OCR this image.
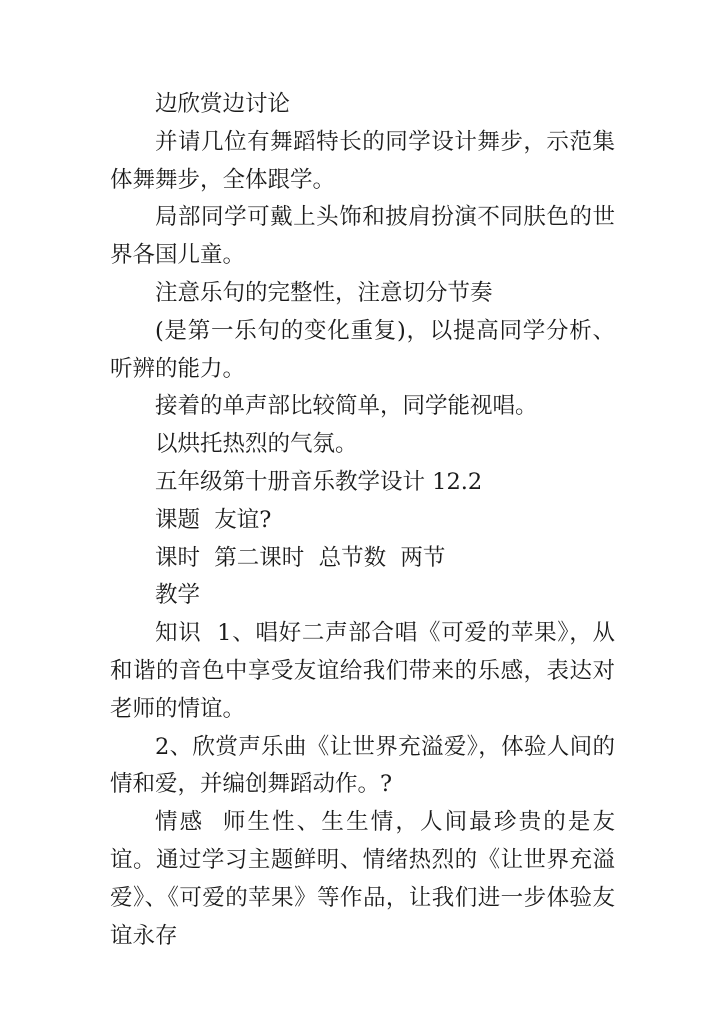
边欣赏边讨论

并请几位有舞蹈特长的同学设计舞步，示范集体舞舞步，全体跟学。

局部同学可戴上头饰和披肩扮演不同肤色的世界各国儿童。

注意乐句的完整性，注意切分节奏

(是第一乐句的变化重复)，以提高同学分析、听辨的能力。

接着的单声部比较简单，同学能视唱。

以烘托热烈的气氛。

五年级第十册音乐教学设计 12.2

课题  友谊?

课时  第二课时  总节数  两节

教学

知识  1、唱好二声部合唱《可爱的苹果》，从和谐的音色中享受友谊给我们带来的乐感，表达对老师的情谊。

2、欣赏声乐曲《让世界充溢爱》，体验人间的情和爱，并编创舞蹈动作。?

情感  师生性、生生情，人间最珍贵的是友谊。通过学习主题鲜明、情绪热烈的《让世界充溢爱》、《可爱的苹果》等作品，让我们进一步体验友谊永存
